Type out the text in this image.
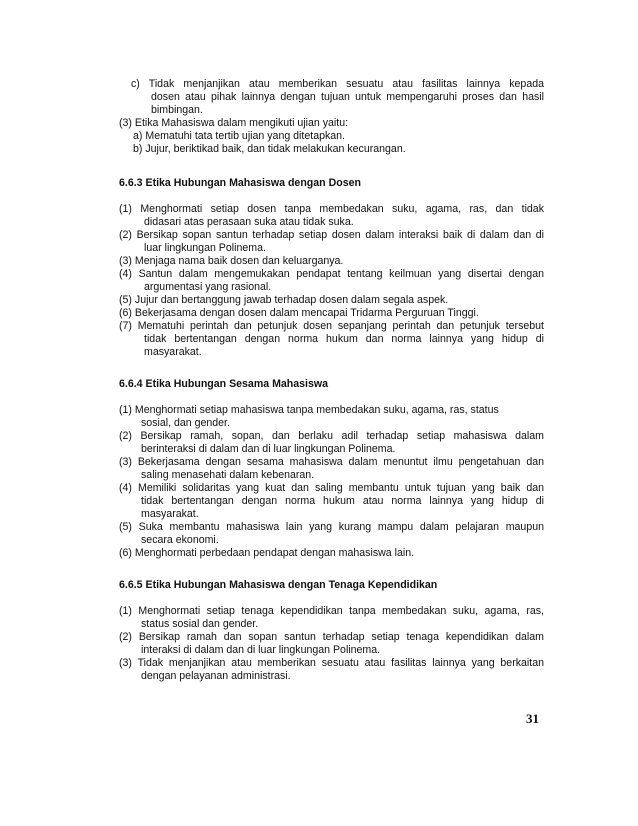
c) Tidak menjanjikan atau memberikan sesuatu atau fasilitas lainnya kepada
dosen atau pihak lainnya dengan tujuan untuk mempengaruhi proses dan hasil
bimbingan.
(3) Etika Mahasiswa dalam mengikuti ujian yaitu:
a) Mematuhi tata tertib ujian yang ditetapkan.
b) Jujur, beriktikad baik, dan tidak melakukan kecurangan.
6.6.3 Etika Hubungan Mahasiswa dengan Dosen
(1) Menghormati setiap dosen tanpa membedakan suku, agama, ras, dan tidak
didasari atas perasaan suka atau tidak suka.
(2) Bersikap sopan santun terhadap setiap dosen dalam interaksi baik di dalam dan di
luar lingkungan Polinema.
(3) Menjaga nama baik dosen dan keluarganya.
(4) Santun dalam mengemukakan pendapat tentang keilmuan yang disertai dengan
argumentasi yang rasional.
(5) Jujur dan bertanggung jawab terhadap dosen dalam segala aspek.
(6) Bekerjasama dengan dosen dalam mencapai Tridarma Perguruan Tinggi.
(7) Mematuhi perintah dan petunjuk dosen sepanjang perintah dan petunjuk tersebut
tidak bertentangan dengan norma hukum dan norma lainnya yang hidup di
masyarakat.
6.6.4 Etika Hubungan Sesama Mahasiswa
(1) Menghormati setiap mahasiswa tanpa membedakan suku, agama, ras, status
sosial, dan gender.
(2) Bersikap ramah, sopan, dan berlaku adil terhadap setiap mahasiswa dalam
berinteraksi di dalam dan di luar lingkungan Polinema.
(3) Bekerjasama dengan sesama mahasiswa dalam menuntut ilmu pengetahuan dan
saling menasehati dalam kebenaran.
(4) Memiliki solidaritas yang kuat dan saling membantu untuk tujuan yang baik dan
tidak bertentangan dengan norma hukum atau norma lainnya yang hidup di
masyarakat.
(5) Suka membantu mahasiswa lain yang kurang mampu dalam pelajaran maupun
secara ekonomi.
(6) Menghormati perbedaan pendapat dengan mahasiswa lain.
6.6.5 Etika Hubungan Mahasiswa dengan Tenaga Kependidikan
(1) Menghormati setiap tenaga kependidikan tanpa membedakan suku, agama, ras,
status sosial dan gender.
(2) Bersikap ramah dan sopan santun terhadap setiap tenaga kependidikan dalam
interaksi di dalam dan di luar lingkungan Polinema.
(3) Tidak menjanjikan atau memberikan sesuatu atau fasilitas lainnya yang berkaitan
dengan pelayanan administrasi.
31
